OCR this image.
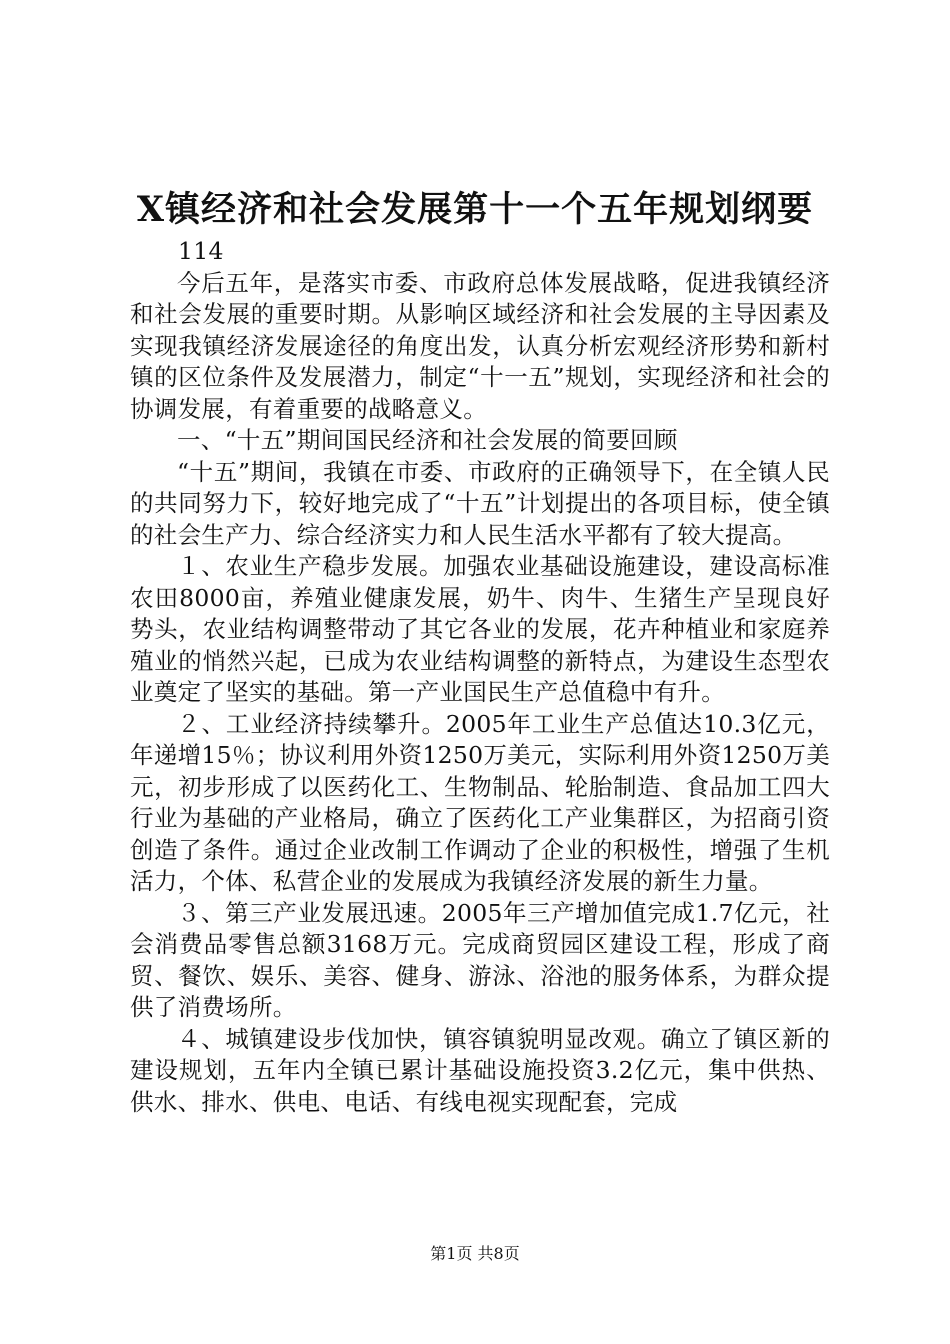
X镇经济和社会发展第十一个五年规划纲要

114

今后五年，是落实市委、市政府总体发展战略，促进我镇经济和社会发展的重要时期。从影响区域经济和社会发展的主导因素及实现我镇经济发展途径的角度出发，认真分析宏观经济形势和新村镇的区位条件及发展潜力，制定“十一五”规划，实现经济和社会的协调发展，有着重要的战略意义。

一、“十五”期间国民经济和社会发展的简要回顾

“十五”期间，我镇在市委、市政府的正确领导下，在全镇人民的共同努力下，较好地完成了“十五”计划提出的各项目标，使全镇的社会生产力、综合经济实力和人民生活水平都有了较大提高。

１、农业生产稳步发展。加强农业基础设施建设，建设高标准农田8000亩，养殖业健康发展，奶牛、肉牛、生猪生产呈现良好势头，农业结构调整带动了其它各业的发展，花卉种植业和家庭养殖业的悄然兴起，已成为农业结构调整的新特点，为建设生态型农业奠定了坚实的基础。第一产业国民生产总值稳中有升。

２、工业经济持续攀升。2005年工业生产总值达10.3亿元，年递增15％；协议利用外资1250万美元，实际利用外资1250万美元，初步形成了以医药化工、生物制品、轮胎制造、食品加工四大行业为基础的产业格局，确立了医药化工产业集群区，为招商引资创造了条件。通过企业改制工作调动了企业的积极性，增强了生机活力，个体、私营企业的发展成为我镇经济发展的新生力量。

３、第三产业发展迅速。2005年三产增加值完成1.7亿元，社会消费品零售总额3168万元。完成商贸园区建设工程，形成了商贸、餐饮、娱乐、美容、健身、游泳、浴池的服务体系，为群众提供了消费场所。

４、城镇建设步伐加快，镇容镇貌明显改观。确立了镇区新的建设规划，五年内全镇已累计基础设施投资3.2亿元，集中供热、供水、排水、供电、电话、有线电视实现配套，完成

第1页 共8页
